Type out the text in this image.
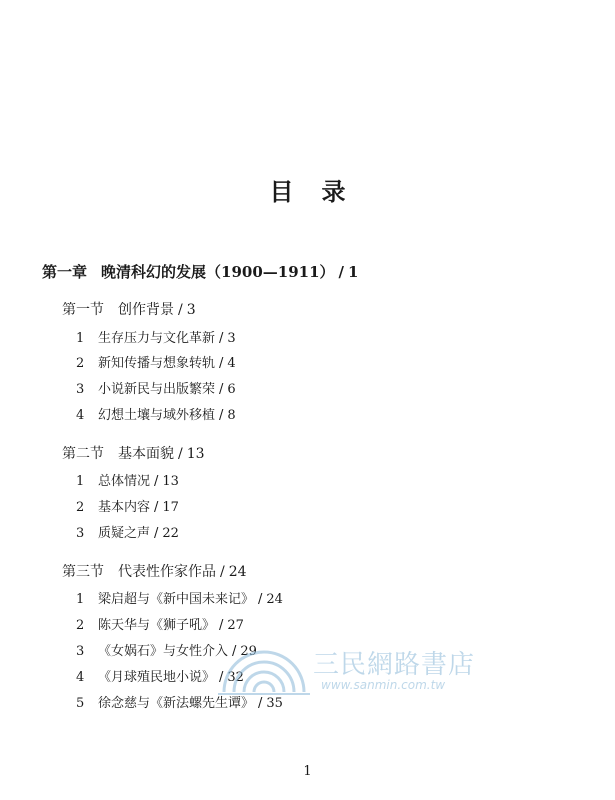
目录
第一章 晚清科幻的发展（1900—1911） / 1
第一节 创作背景 / 3
1 生存压力与文化革新 / 3
2 新知传播与想象转轨 / 4
3 小说新民与出版繁荣 / 6
4 幻想土壤与域外移植 / 8
第二节 基本面貌 / 13
1 总体情况 / 13
2 基本内容 / 17
3 质疑之声 / 22
第三节 代表性作家作品 / 24
1 梁启超与《新中国未来记》 / 24
2 陈天华与《狮子吼》 / 27
3 《女娲石》与女性介入 / 29
4 《月球殖民地小说》 / 32
5 徐念慈与《新法螺先生谭》 / 35
三民網路書店
www.sanmin.com.tw
1
